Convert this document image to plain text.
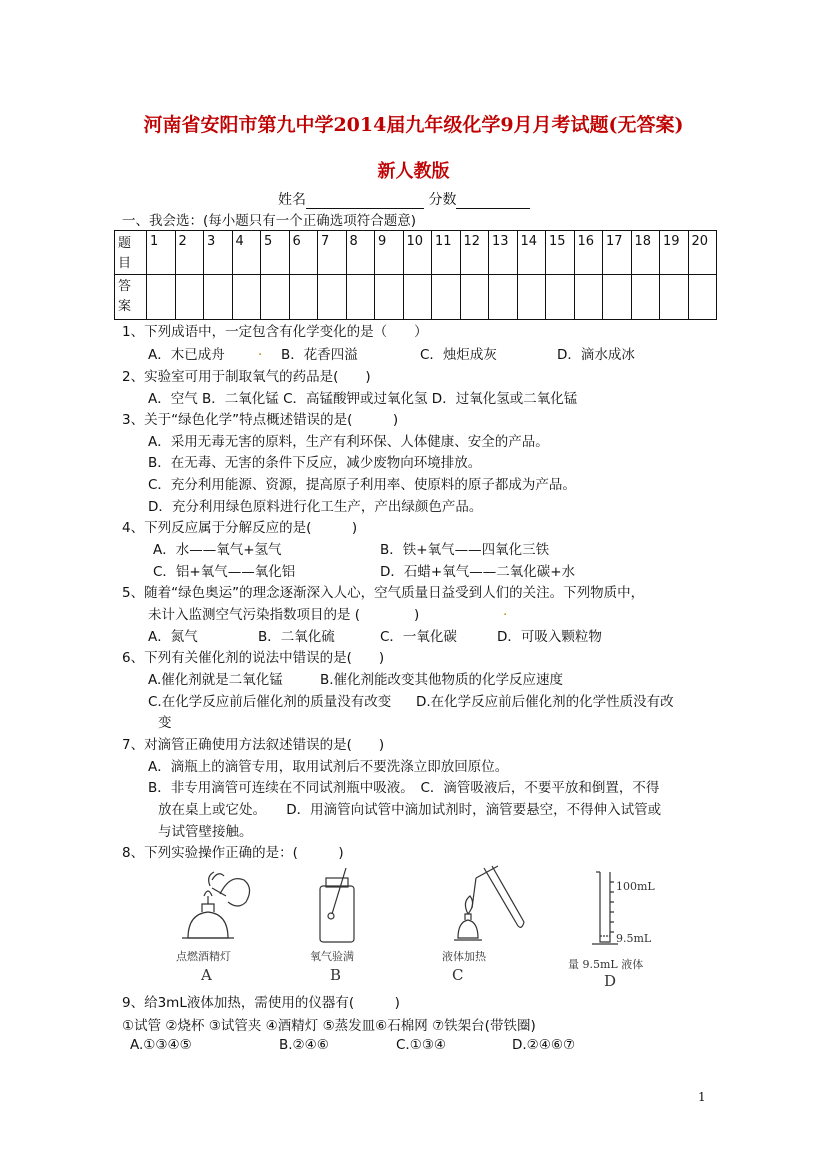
河南省安阳市第九中学2014届九年级化学9月月考试题(无答案)
新人教版
姓名	分数
一、我会选：(每小题只有一个正确选项符合题意)
题
目	1	2	3	4	5	6	7	8	9	10	11	12	13	14	15	16	17	18	19	20
答
案																				
1、下列成语中，一定包含有化学变化的是（　　）
A．木已成舟 . B．花香四溢	C．烛炬成灰	D．滴水成冰
2、实验室可用于制取氧气的药品是(　　)
A．空气 B．二氧化锰 C．高锰酸钾或过氧化氢 D．过氧化氢或二氧化锰
3、关于“绿色化学”特点概述错误的是(　　　)
A．采用无毒无害的原料，生产有利环保、人体健康、安全的产品。
B．在无毒、无害的条件下反应，减少废物向环境排放。
C．充分利用能源、资源，提高原子利用率、使原料的原子都成为产品。
D．充分利用绿色原料进行化工生产，产出绿颜色产品。
4、下列反应属于分解反应的是(　　　)
A．水——氧气+氢气	B．铁+氧气——四氧化三铁
C．铝+氧气——氧化铝	D．石蜡+氧气——二氧化碳+水
5、随着“绿色奥运”的理念逐渐深入人心，空气质量日益受到人们的关注。下列物质中，
未计入监测空气污染指数项目的是 (　　　　)	.
A．氮气	B．二氧化硫	C．一氧化碳	D．可吸入颗粒物
6、下列有关催化剂的说法中错误的是(　　)
A.催化剂就是二氧化锰	B.催化剂能改变其他物质的化学反应速度
C.在化学反应前后催化剂的质量没有改变 D.在化学反应前后催化剂的化学性质没有改
变
7、对滴管正确使用方法叙述错误的是(　　)
A．滴瓶上的滴管专用，取用试剂后不要洗涤立即放回原位。
B．非专用滴管可连续在不同试剂瓶中吸液。　C．滴管吸液后，不要平放和倒置，不得
放在桌上或它处。　　D．用滴管向试管中滴加试剂时，滴管要悬空，不得伸入试管或
与试管壁接触。
8、下列实验操作正确的是：(　　　)
点燃酒精灯
A
氧气验满
B
液体加热
C
100mL
9.5mL
量 9.5mL 液体
D
9、给3mL液体加热，需使用的仪器有(　　　)
①试管 ②烧杯 ③试管夹 ④酒精灯 ⑤蒸发皿⑥石棉网 ⑦铁架台(带铁圈)
A.①③④⑤	B.②④⑥	C.①③④	D.②④⑥⑦
1
